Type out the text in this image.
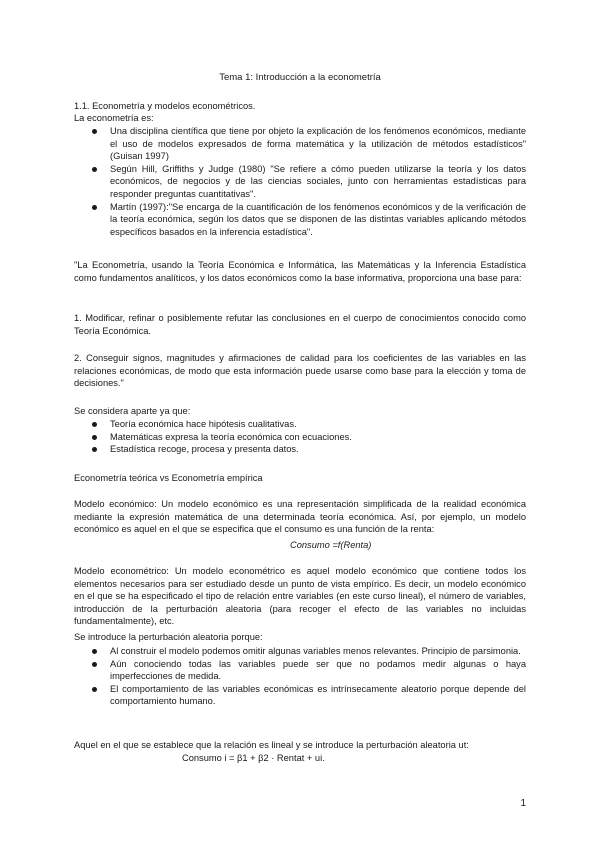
Tema 1: Introducción a la econometría
1.1. Econometría y modelos econométricos.
La econometría es:
Una disciplina científica que tiene por objeto la explicación de los fenómenos económicos, mediante el uso de modelos expresados de forma matemática y la utilización de métodos estadísticos" (Guisan 1997)
Según Hill, Griffiths y Judge (1980) "Se refiere a cómo pueden utilizarse la teoría y los datos económicos, de negocios y de las ciencias sociales, junto con herramientas estadísticas para responder preguntas cuantitativas".
Martín (1997):"Se encarga de la cuantificación de los fenómenos económicos y de la verificación de la teoría económica, según los datos que se disponen de las distintas variables aplicando métodos específicos basados en la inferencia estadística".
"La Econometría, usando la Teoría Económica e Informática, las Matemáticas y la Inferencia Estadística como fundamentos analíticos, y los datos económicos como la base informativa, proporciona una base para:
1. Modificar, refinar o posiblemente refutar las conclusiones en el cuerpo de conocimientos conocido como Teoría Económica.
2. Conseguir signos, magnitudes y afirmaciones de calidad para los coeficientes de las variables en las relaciones económicas, de modo que esta información puede usarse como base para la elección y toma de decisiones."
Se considera aparte ya que:
Teoría económica hace hipótesis cualitativas.
Matemáticas expresa la teoría económica con ecuaciones.
Estadística recoge, procesa y presenta datos.
Econometría teórica vs Econometría empírica
Modelo económico: Un modelo económico es una representación simplificada de la realidad económica mediante la expresión matemática de una determinada teoría económica. Así, por ejemplo, un modelo económico es aquel en el que se especifica que el consumo es una función de la renta:
Consumo =f(Renta)
Modelo econométrico: Un modelo econométrico es aquel modelo económico que contiene todos los elementos necesarios para ser estudiado desde un punto de vista empírico. Es decir, un modelo económico en el que se ha especificado el tipo de relación entre variables (en este curso lineal), el número de variables, introducción de la perturbación aleatoria (para recoger el efecto de las variables no incluidas fundamentalmente), etc.
Se introduce la perturbación aleatoria porque:
Al construir el modelo podemos omitir algunas variables menos relevantes. Principio de parsimonia.
Aún conociendo todas las variables puede ser que no podamos medir algunas o haya imperfecciones de medida.
El comportamiento de las variables económicas es intrínsecamente aleatorio porque depende del comportamiento humano.
Aquel en el que se establece que la relación es lineal y se introduce la perturbación aleatoria ut:
Consumo i = β1 + β2 · Rentat + ui.
1
